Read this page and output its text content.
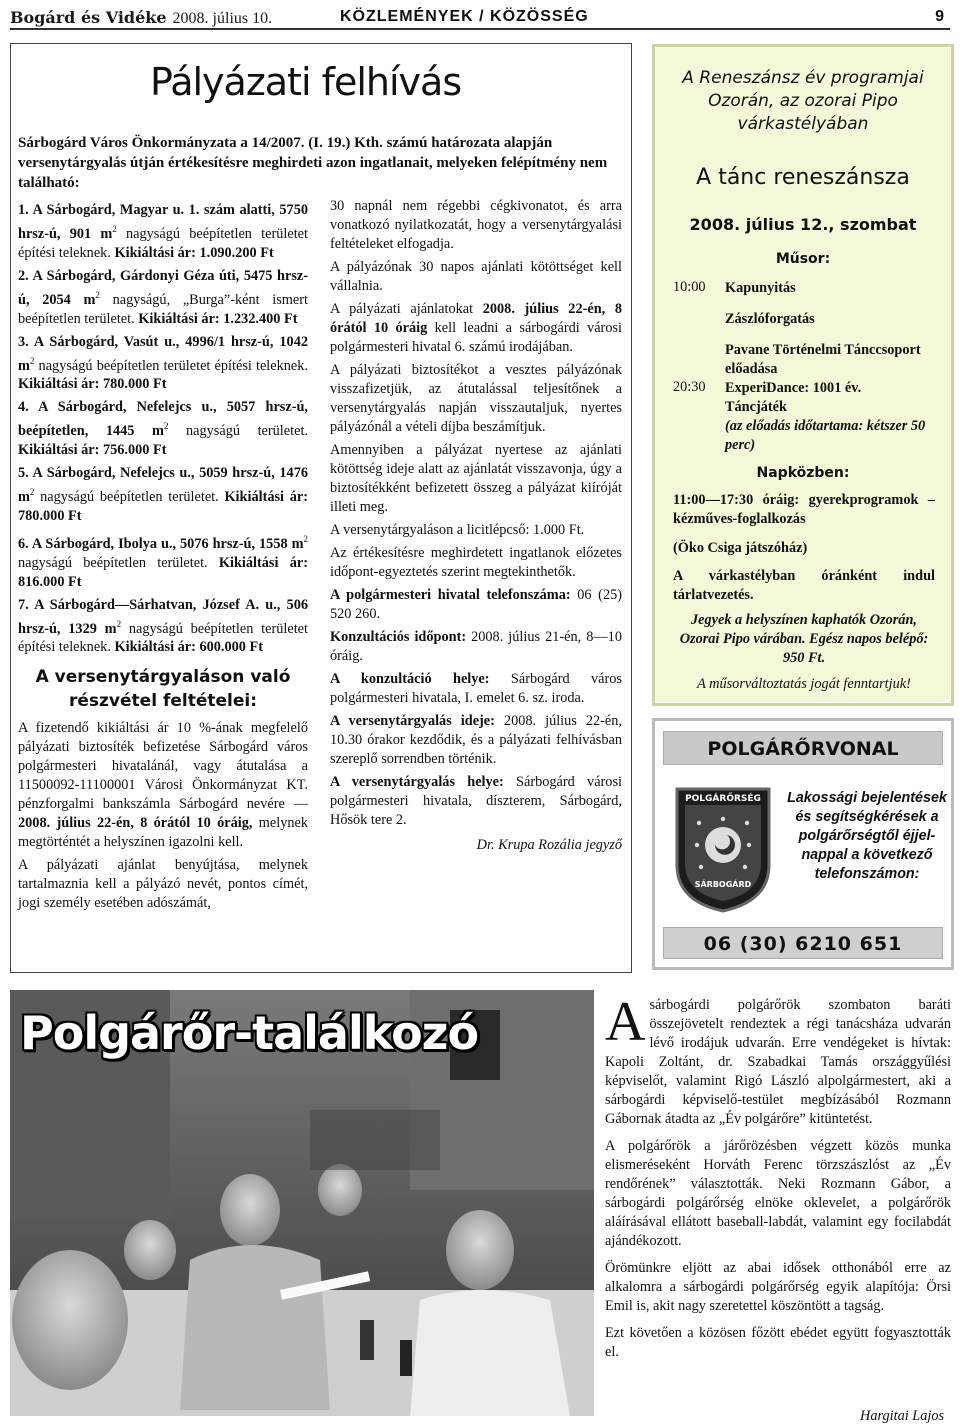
Bogárd és Vidéke 2008. július 10.	KÖZLEMÉNYEK / KÖZÖSSÉG	9
Pályázati felhívás
Sárbogárd Város Önkormányzata a 14/2007. (I. 19.) Kth. számú határozata alapján versenytárgyalás útján értékesítésre meghirdeti azon ingatlanait, melyeken felépítmény nem található:

1. A Sárbogárd, Magyar u. 1. szám alatti, 5750 hrsz-ú, 901 $m^2$ nagyságú beépítetlen területet építési teleknek. Kikiáltási ár: 1.090.200 Ft

2. A Sárbogárd, Gárdonyi Géza úti, 5475 hrsz-ú, 2054 $m^2$ nagyságú, „Burga”-ként ismert beépítetlen területet. Kikiáltási ár: 1.232.400 Ft

3. A Sárbogárd, Vasút u., 4996/1 hrsz-ú, 1042 $m^2$ nagyságú beépítetlen területet építési teleknek. Kikiáltási ár: 780.000 Ft

4. A Sárbogárd, Nefelejcs u., 5057 hrsz-ú, beépítetlen, 1445 $m^2$ nagyságú területet. Kikiáltási ár: 756.000 Ft

5. A Sárbogárd, Nefelejcs u., 5059 hrsz-ú, 1476 $m^2$ nagyságú beépítetlen területet. Kikiáltási ár: 780.000 Ft

6. A Sárbogárd, Ibolya u., 5076 hrsz-ú, 1558 $m^2$ nagyságú beépítetlen területet. Kikiáltási ár: 816.000 Ft

7. A Sárbogárd—Sárhatvan, József A. u., 506 hrsz-ú, 1329 $m^2$ nagyságú beépítetlen területet építési teleknek. Kikiáltási ár: 600.000 Ft

A versenytárgyaláson való részvétel feltételei:

A fizetendő kikiáltási ár 10 %-ának megfelelő pályázati biztosíték befizetése Sárbogárd város polgármesteri hivatalánál, vagy átutalása a 11500092-11100001 Városi Önkormányzat KT. pénzforgalmi bankszámla Sárbogárd nevére — 2008. július 22-én, 8 órától 10 óráig, melynek megtörténtét a helyszínen igazolni kell.

A pályázati ajánlat benyújtása, melynek tartalmaznia kell a pályázó nevét, pontos címét, jogi személy esetében adószámát,

30 napnál nem régebbi cégkivonatot, és arra vonatkozó nyilatkozatát, hogy a versenytárgyalási feltételeket elfogadja.

A pályázónak 30 napos ajánlati kötöttséget kell vállalnia.

A pályázati ajánlatokat 2008. július 22-én, 8 órától 10 óráig kell leadni a sárbogárdi városi polgármesteri hivatal 6. számú irodájában.

A pályázati biztosítékot a vesztes pályázónak visszafizetjük, az átutalással teljesítőnek a versenytárgyalás napján visszautaljuk, nyertes pályázónál a vételi díjba beszámítjuk.

Amennyiben a pályázat nyertese az ajánlati kötöttség ideje alatt az ajánlatát visszavonja, úgy a biztosítékként befizetett összeg a pályázat kiíróját illeti meg.

A versenytárgyaláson a licitlépcső: 1.000 Ft.

Az értékesítésre meghirdetett ingatlanok előzetes időpont-egyeztetés szerint megtekinthetők.

A polgármesteri hivatal telefonszáma: 06 (25) 520 260.

Konzultációs időpont: 2008. július 21-én, 8—10 óráig.

A konzultáció helye: Sárbogárd város polgármesteri hivatala, I. emelet 6. sz. iroda.

A versenytárgyalás ideje: 2008. július 22-én, 10.30 órakor kezdődik, és a pályázati felhívásban szereplő sorrendben történik.

A versenytárgyalás helye: Sárbogárd városi polgármesteri hivatala, díszterem, Sárbogárd, Hősök tere 2.

Dr. Krupa Rozália jegyző

A Reneszánsz év programjai Ozorán, az ozorai Pipo várkastélyában
A tánc reneszánsza
2008. július 12., szombat
Műsor:
10:00 Kapunyitás

Zászlóforgatás

Pavane Történelmi Tánccsoport előadása

20:30 ExperiDance: 1001 év.

Táncjáték

(az előadás időtartama: kétszer 50 perc)

Napközben:
11:00—17:30 óráig: gyerekprogramok – kézműves-foglalkozás
(Öko Csiga játszóház)
A várkastélyban óránként indul tárlatvezetés.
Jegyek a helyszínen kaphatók Ozorán, Ozorai Pipo várában. Egész napos belépő: 950 Ft.
A műsorváltoztatás jogát fenntartjuk!
POLGÁRŐRVONAL
POLGÁRŐRSÉG
SÁRBOGÁRD
Lakossági bejelentések és segítségkérések a polgárőrségtől éjjel-nappal a következő telefonszámon:
06 (30) 6210 651
Polgárőr-találkozó Asárbogárdi polgárőrök szombaton baráti összejövetelt rendeztek a régi tanácsháza udvarán lévő irodájuk udvarán. Erre vendégeket is hívtak: Kapoli Zoltánt, dr. Szabadkai Tamás országgyűlési képviselőt, valamint Rigó László alpolgármestert, aki a sárbogárdi képviselő-testület megbízásából Rozmann Gábornak átadta az „Év polgárőre” kitüntetést.

A polgárőrök a járőrözésben végzett közös munka elismeréseként Horváth Ferenc törzszászlóst az „Év rendőrének” választották. Neki Rozmann Gábor, a sárbogárdi polgárőrség elnöke oklevelet, a polgárőrök aláírásával ellátott baseball-labdát, valamint egy focilabdát ajándékozott.

Örömünkre eljött az abai idősek otthonából erre az alkalomra a sárbogárdi polgárőrség egyik alapítója: Örsi Emil is, akit nagy szeretettel köszöntött a tagság.

Ezt követően a közösen főzött ebédet együtt fogyasztották el.

Hargitai Lajos
